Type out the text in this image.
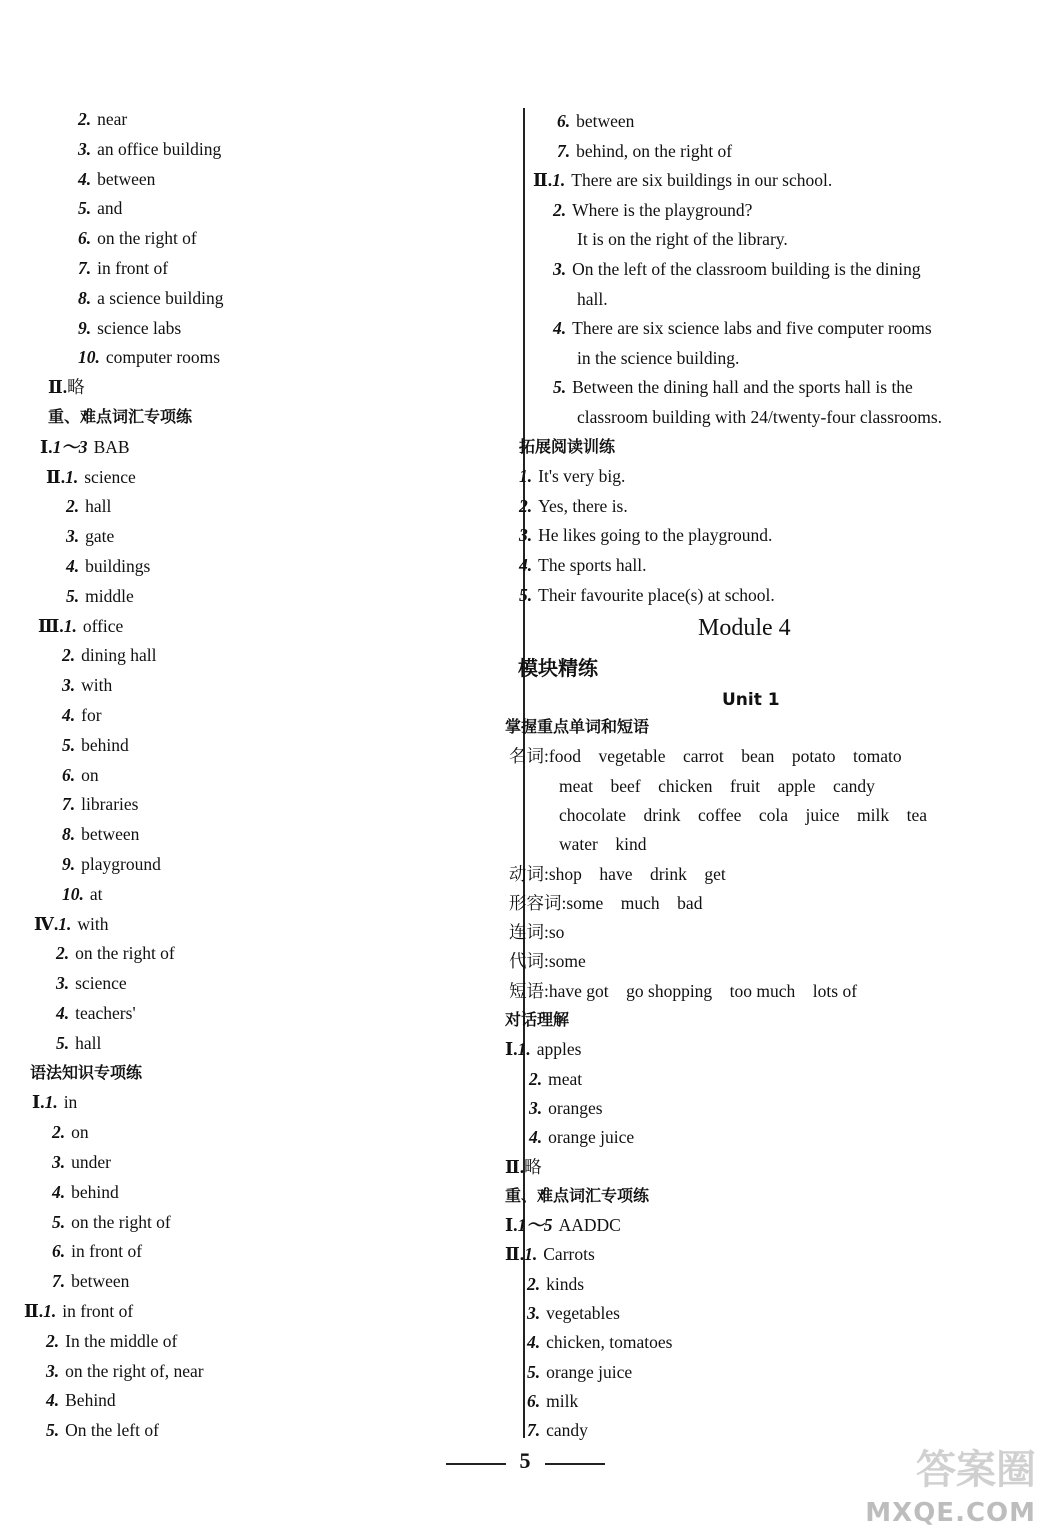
2. near
3. an office building
4. between
5. and
6. on the right of
7. in front of
8. a science building
9. science labs
10. computer rooms
Ⅱ.略
重、难点词汇专项练
Ⅰ.1～3 BAB
Ⅱ.1. science
2. hall
3. gate
4. buildings
5. middle
Ⅲ.1. office
2. dining hall
3. with
4. for
5. behind
6. on
7. libraries
8. between
9. playground
10. at
Ⅳ.1. with
2. on the right of
3. science
4. teachers'
5. hall
语法知识专项练
Ⅰ.1. in
2. on
3. under
4. behind
5. on the right of
6. in front of
7. between
Ⅱ.1. in front of
2. In the middle of
3. on the right of, near
4. Behind
5. On the left of
6. between
7. behind, on the right of
Ⅱ.1. There are six buildings in our school.
2. Where is the playground?
It is on the right of the library.
3. On the left of the classroom building is the dining
hall.
4. There are six science labs and five computer rooms
in the science building.
5. Between the dining hall and the sports hall is the
classroom building with 24/twenty-four classrooms.
拓展阅读训练
1. It's very big.
2. Yes, there is.
3. He likes going to the playground.
4. The sports hall.
5. Their favourite place(s) at school.
掌握重点单词和短语
名词:food　vegetable　carrot　bean　potato　tomato
meat　beef　chicken　fruit　apple　candy
chocolate　drink　coffee　cola　juice　milk　tea
water　kind
动词:shop　have　drink　get
形容词:some　much　bad
连词:so
代词:some
短语:have got　go shopping　too much　lots of
对话理解
Ⅰ.1. apples
2. meat
3. oranges
4. orange juice
Ⅱ.略
重、难点词汇专项练
Ⅰ.1～5 AADDC
Ⅱ.1. Carrots
2. kinds
3. vegetables
4. chicken, tomatoes
5. orange juice
6. milk
7. candy
Module 4
模块精练
Unit 1
5	答案圈
MXQE.COM
